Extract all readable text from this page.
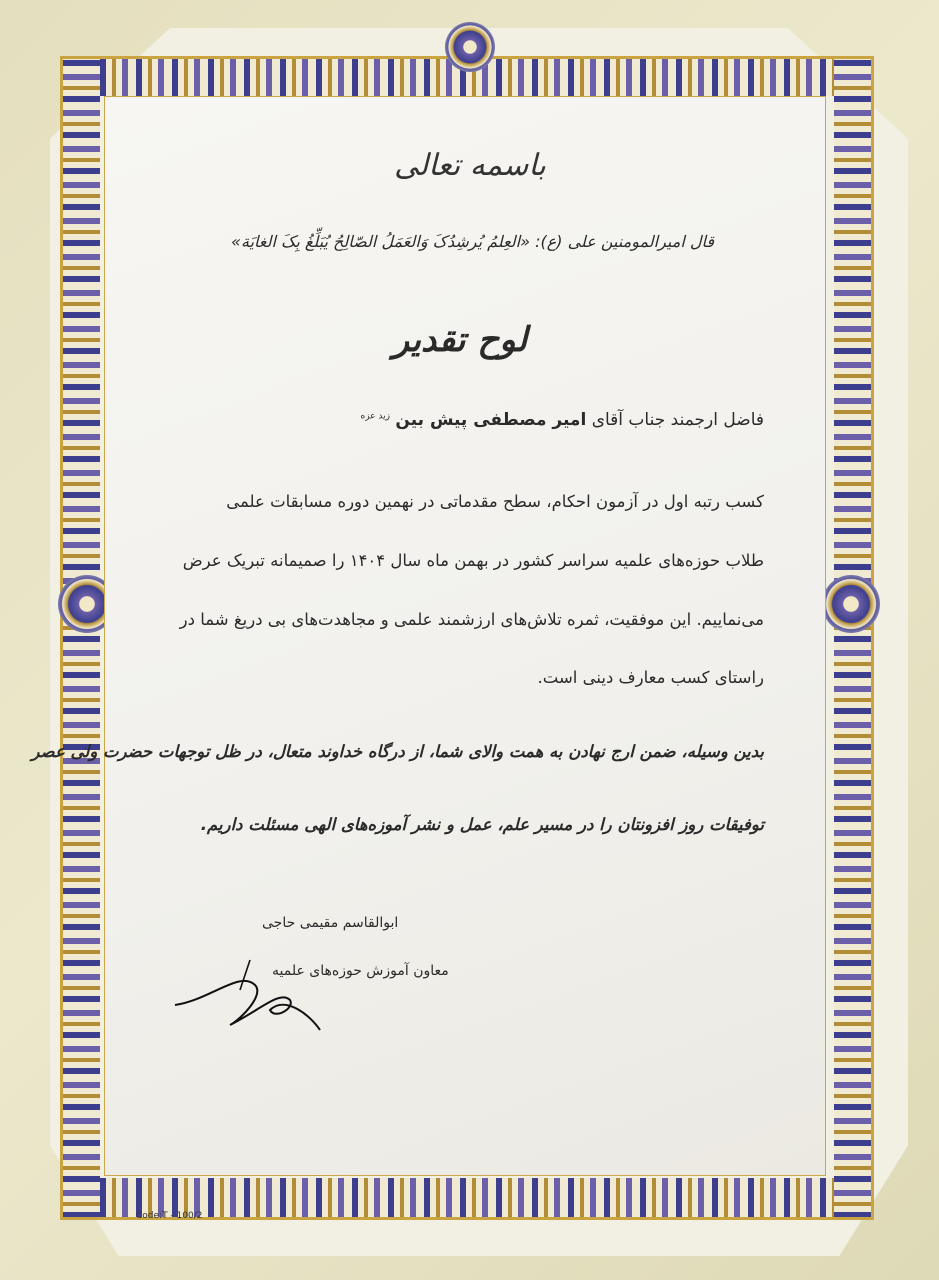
باسمه تعالی
قال امیرالمومنین علی (ع): «العِلمُ یُرشِدُکَ وَالعَمَلُ الصّالِحُ یُبَلِّغُ بِکَ الغایَة»
لوح تقدیر
فاضل ارجمند جناب آقای امیر مصطفی پیش بین $^{زید عزه}$
کسب رتبه اول در آزمون احکام، سطح مقدماتی در نهمین دوره مسابقات علمی
طلاب حوزه‌های علمیه سراسر کشور در بهمن ماه سال ۱۴۰۴ را صمیمانه تبریک عرض
می‌نماییم. این موفقیت، ثمره تلاش‌های ارزشمند علمی و مجاهدت‌های بی دریغ شما در
راستای کسب معارف دینی است.
بدین وسیله، ضمن ارج نهادن به همت والای شما، از درگاه خداوند متعال، در ظل توجهات حضرت ولی عصر
توفیقات روز افزونتان را در مسیر علم، عمل و نشر آموزه‌های الهی مسئلت داریم.
ابوالقاسم مقیمی حاجی
معاون آموزش حوزه‌های علمیه
Code:T - 100/2
